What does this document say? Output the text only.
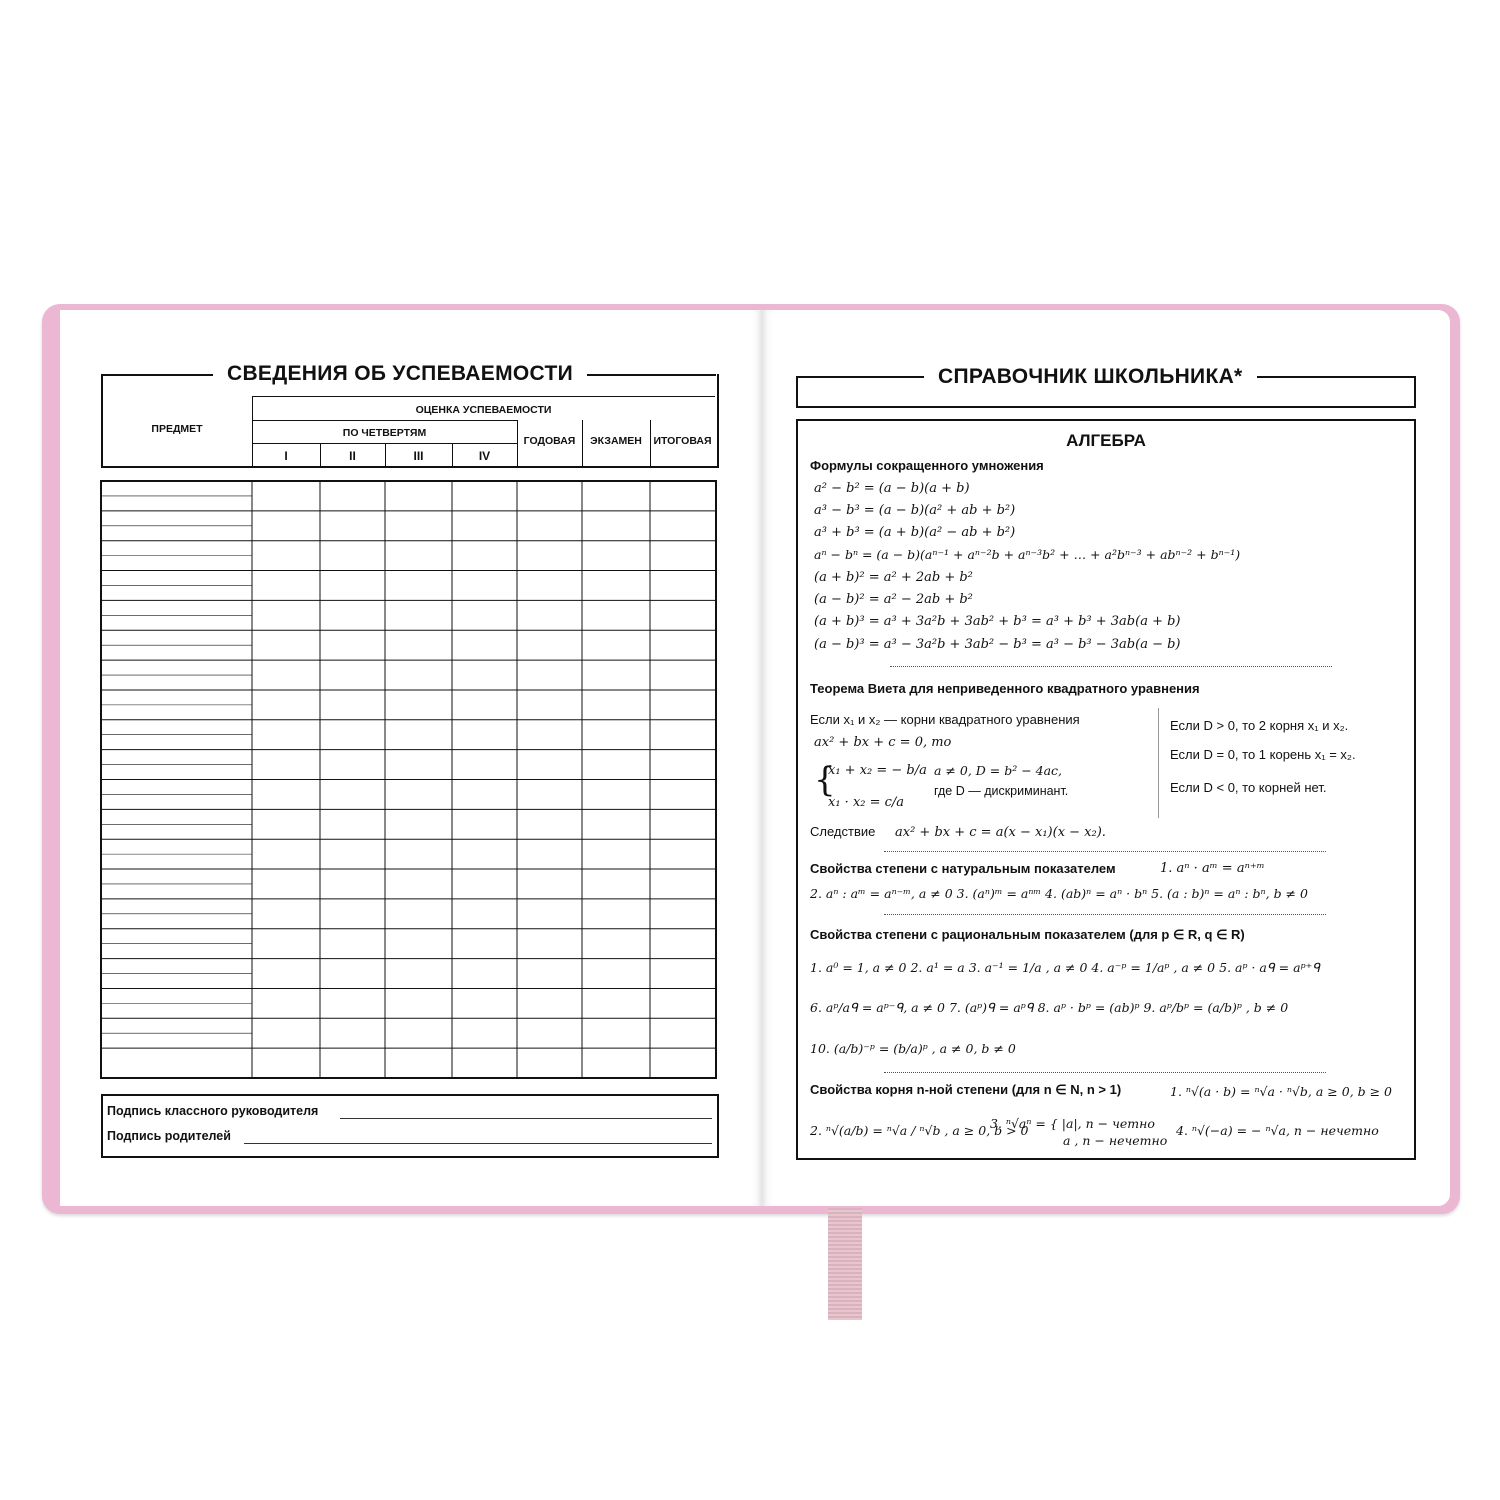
СВЕДЕНИЯ ОБ УСПЕВАЕМОСТИ
ПРЕДМЕТ
ОЦЕНКА УСПЕВАЕМОСТИ
ПО ЧЕТВЕРТЯМ
I	II	III	IV
ГОДОВАЯ	ЭКЗАМЕН	ИТОГОВАЯ
Подпись классного руководителя
Подпись родителей
СПРАВОЧНИК ШКОЛЬНИКА*
АЛГЕБРА
Формулы сокращенного умножения
a² − b² = (a − b)(a + b)
a³ − b³ = (a − b)(a² + ab + b²)
a³ + b³ = (a + b)(a² − ab + b²)
aⁿ − bⁿ = (a − b)(aⁿ⁻¹ + aⁿ⁻²b + aⁿ⁻³b² + … + a²bⁿ⁻³ + abⁿ⁻² + bⁿ⁻¹)
(a + b)² = a² + 2ab + b²
(a − b)² = a² − 2ab + b²
(a + b)³ = a³ + 3a²b + 3ab² + b³ = a³ + b³ + 3ab(a + b)
(a − b)³ = a³ − 3a²b + 3ab² − b³ = a³ − b³ − 3ab(a − b)
Теорема Виета для неприведенного квадратного уравнения
Если x₁ и x₂ — корни квадратного уравнения
ax² + bx + c = 0, то
{
x₁ + x₂ = − b/a
x₁ · x₂ = c/a
a ≠ 0, D = b² − 4ac,
где D — дискриминант.
Если D > 0, то 2 корня x₁ и x₂.
Если D = 0, то 1 корень x₁ = x₂.
Если D < 0, то корней нет.
Следствие ax² + bx + c = a(x − x₁)(x − x₂).
Свойства степени с натуральным показателем	1. aⁿ · aᵐ = aⁿ⁺ᵐ
2. aⁿ : aᵐ = aⁿ⁻ᵐ, a ≠ 0 3. (aⁿ)ᵐ = aⁿᵐ 4. (ab)ⁿ = aⁿ · bⁿ 5. (a : b)ⁿ = aⁿ : bⁿ, b ≠ 0
Свойства степени с рациональным показателем (для p ∈ R, q ∈ R)
1. a⁰ = 1, a ≠ 0 2. a¹ = a 3. a⁻¹ = 1/a , a ≠ 0 4. a⁻ᵖ = 1/aᵖ , a ≠ 0 5. aᵖ · aᑫ = aᵖ⁺ᑫ
6. aᵖ/aᑫ = aᵖ⁻ᑫ, a ≠ 0 7. (aᵖ)ᑫ = aᵖᑫ 8. aᵖ · bᵖ = (ab)ᵖ 9. aᵖ/bᵖ = (a/b)ᵖ , b ≠ 0
10. (a/b)⁻ᵖ = (b/a)ᵖ , a ≠ 0, b ≠ 0
Свойства корня n-ной степени (для n ∈ N, n > 1)	1. ⁿ√(a · b) = ⁿ√a · ⁿ√b, a ≥ 0, b ≥ 0
2. ⁿ√(a/b) = ⁿ√a / ⁿ√b , a ≥ 0, b > 0
3. ⁿ√aⁿ = { |a|, n − четно
a , n − нечетно
4. ⁿ√(−a) = − ⁿ√a, n − нечетно
